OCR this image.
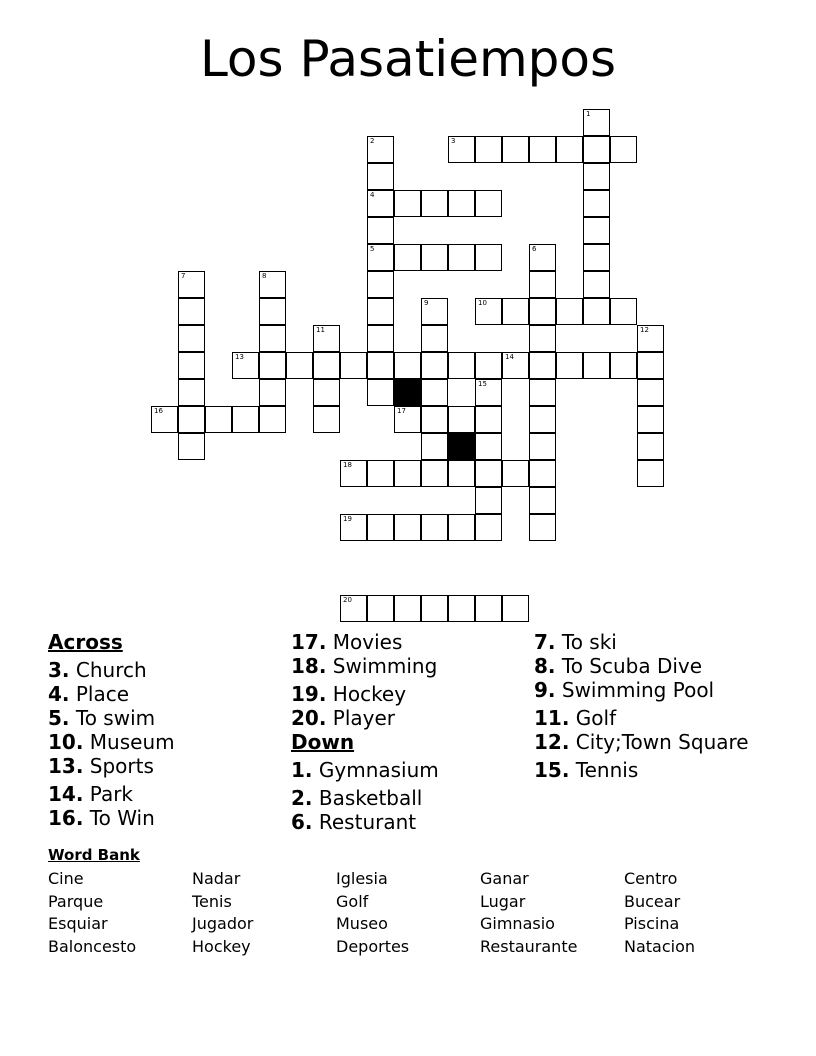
Los Pasatiempos
3
4
5
10
13	14
16	17
18
19
20
1
2
6
7	8
9
11	12
15
Across
3. Church
4. Place
5. To swim
10. Museum
13. Sports
14. Park
16. To Win
17. Movies
18. Swimming
19. Hockey
20. Player
Down
1. Gymnasium
2. Basketball
6. Resturant
7. To ski
8. To Scuba Dive
9. Swimming Pool
11. Golf
12. City;Town Square
15. Tennis
Word Bank
Cine
Parque
Esquiar
Baloncesto
Nadar
Tenis
Jugador
Hockey
Iglesia
Golf
Museo
Deportes
Ganar
Lugar
Gimnasio
Restaurante
Centro
Bucear
Piscina
Natacion
